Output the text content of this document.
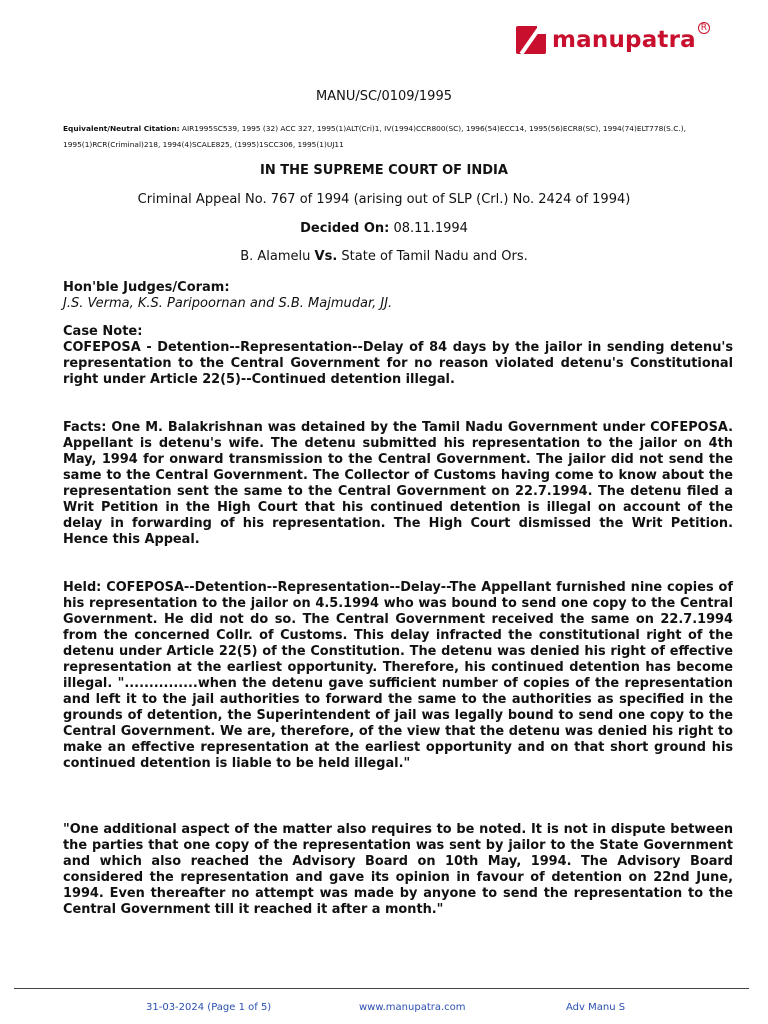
manupatra R
MANU/SC/0109/1995
Equivalent/Neutral Citation: AIR1995SC539, 1995 (32) ACC 327, 1995(1)ALT(Cri)1, IV(1994)CCR800(SC), 1996(54)ECC14, 1995(56)ECR8(SC), 1994(74)ELT778(S.C.), 1995(1)RCR(Criminal)218, 1994(4)SCALE825, (1995)1SCC306, 1995(1)UJ11
IN THE SUPREME COURT OF INDIA
Criminal Appeal No. 767 of 1994 (arising out of SLP (Crl.) No. 2424 of 1994)
Decided On: 08.11.1994
B. Alamelu Vs. State of Tamil Nadu and Ors.
Hon'ble Judges/Coram:
J.S. Verma, K.S. Paripoornan and S.B. Majmudar, JJ.
Case Note:

COFEPOSA - Detention--Representation--Delay of 84 days by the jailor in sending detenu's representation to the Central Government for no reason violated detenu's Constitutional right under Article 22(5)--Continued detention illegal.

Facts: One M. Balakrishnan was detained by the Tamil Nadu Government under COFEPOSA. Appellant is detenu's wife. The detenu submitted his representation to the jailor on 4th May, 1994 for onward transmission to the Central Government. The jailor did not send the same to the Central Government. The Collector of Customs having come to know about the representation sent the same to the Central Government on 22.7.1994. The detenu filed a Writ Petition in the High Court that his continued detention is illegal on account of the delay in forwarding of his representation. The High Court dismissed the Writ Petition. Hence this Appeal.

Held: COFEPOSA--Detention--Representation--Delay--The Appellant furnished nine copies of his representation to the jailor on 4.5.1994 who was bound to send one copy to the Central Government. He did not do so. The Central Government received the same on 22.7.1994 from the concerned Collr. of Customs. This delay infracted the constitutional right of the detenu under Article 22(5) of the Constitution. The detenu was denied his right of effective representation at the earliest opportunity. Therefore, his continued detention has become illegal. "...............when the detenu gave sufficient number of copies of the representation and left it to the jail authorities to forward the same to the authorities as specified in the grounds of detention, the Superintendent of jail was legally bound to send one copy to the Central Government. We are, therefore, of the view that the detenu was denied his right to make an effective representation at the earliest opportunity and on that short ground his continued detention is liable to be held illegal."

"One additional aspect of the matter also requires to be noted. It is not in dispute between the parties that one copy of the representation was sent by jailor to the State Government and which also reached the Advisory Board on 10th May, 1994. The Advisory Board considered the representation and gave its opinion in favour of detention on 22nd June, 1994. Even thereafter no attempt was made by anyone to send the representation to the Central Government till it reached it after a month."

31-03-2024 (Page 1 of 5)	www.manupatra.com	Adv Manu S
